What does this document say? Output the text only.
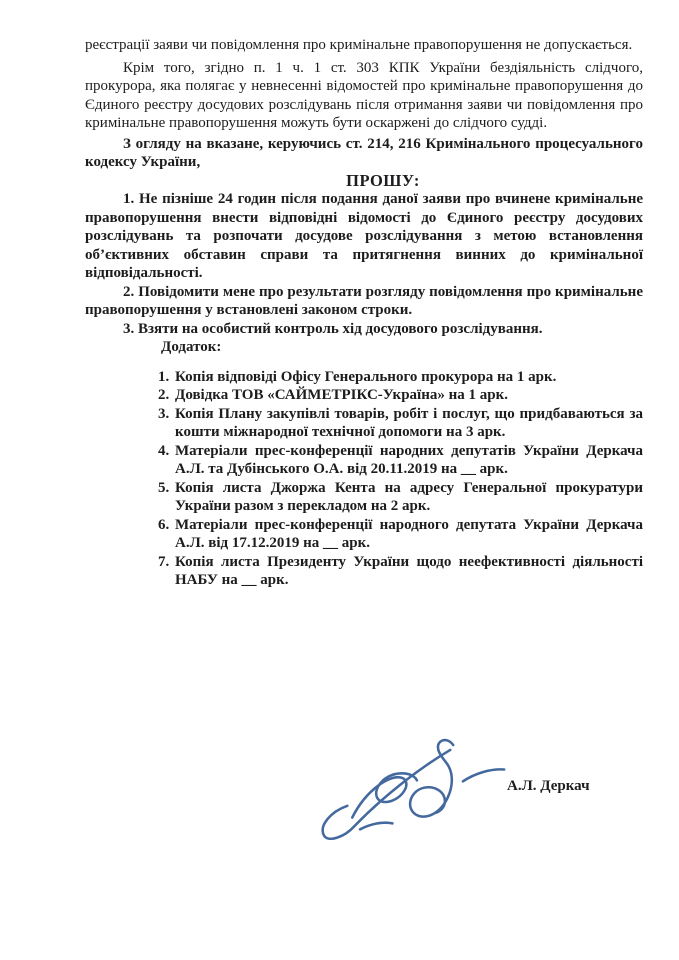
реєстрації заяви чи повідомлення про кримінальне правопорушення не допускається.

Крім того, згідно п. 1 ч. 1 ст. 303 КПК України бездіяльність слідчого, прокурора, яка полягає у невнесенні відомостей про кримінальне правопорушення до Єдиного реєстру досудових розслідувань після отримання заяви чи повідомлення про кримінальне правопорушення можуть бути оскаржені до слідчого судді.

З огляду на вказане, керуючись ст. 214, 216 Кримінального процесуального кодексу України,

ПРОШУ:

1. Не пізніше 24 годин після подання даної заяви про вчинене кримінальне правопорушення внести відповідні відомості до Єдиного реєстру досудових розслідувань та розпочати досудове розслідування з метою встановлення об’єктивних обставин справи та притягнення винних до кримінальної відповідальності.

2. Повідомити мене про результати розгляду повідомлення про кримінальне правопорушення у встановлені законом строки.

3. Взяти на особистий контроль хід досудового розслідування.

Додаток:

1. Копія відповіді Офісу Генерального прокурора на 1 арк.
2. Довідка ТОВ «САЙМЕТРІКС-Україна» на 1 арк.
3. Копія Плану закупівлі товарів, робіт і послуг, що придбаваються за кошти міжнародної технічної допомоги на 3 арк.
4. Матеріали прес-конференції народних депутатів України Деркача А.Л. та Дубінського О.А. від 20.11.2019 на __ арк.
5. Копія листа Джоржа Кента на адресу Генеральної прокуратури України разом з перекладом на 2 арк.
6. Матеріали прес-конференції народного депутата України Деркача А.Л. від 17.12.2019 на __ арк.
7. Копія листа Президенту України щодо неефективності діяльності НАБУ на __ арк.
А.Л. Деркач
